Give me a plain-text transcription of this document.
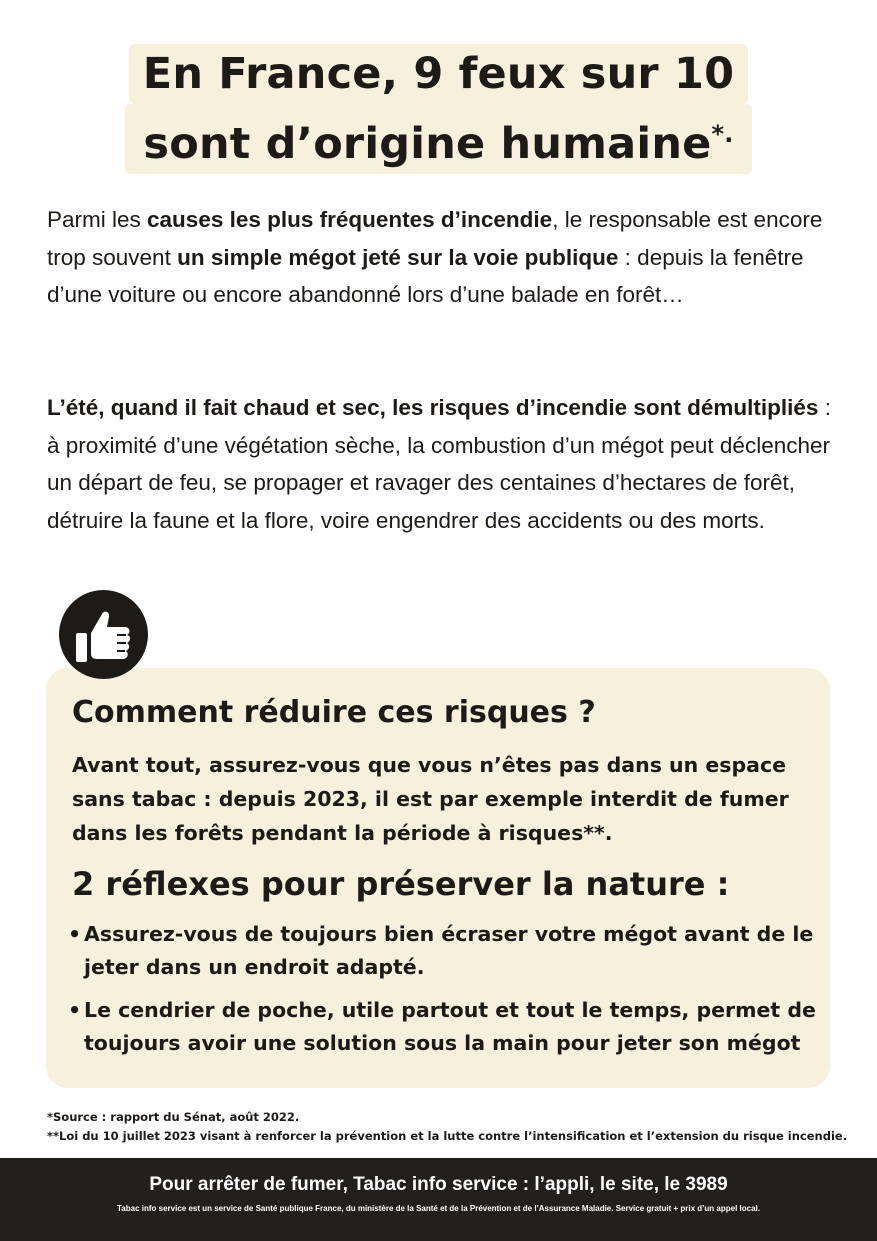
En France, 9 feux sur 10
sont d’origine humaine*.

Parmi les causes les plus fréquentes d’incendie, le responsable est encore trop souvent un simple mégot jeté sur la voie publique : depuis la fenêtre d’une voiture ou encore abandonné lors d’une balade en forêt…

L’été, quand il fait chaud et sec, les risques d’incendie sont démultipliés : à proximité d’une végétation sèche, la combustion d’un mégot peut déclencher un départ de feu, se propager et ravager des centaines d’hectares de forêt, détruire la faune et la flore, voire engendrer des accidents ou des morts.

Comment réduire ces risques ?

Avant tout, assurez-vous que vous n’êtes pas dans un espace sans tabac : depuis 2023, il est par exemple interdit de fumer dans les forêts pendant la période à risques**.

2 réflexes pour préserver la nature :
• Assurez-vous de toujours bien écraser votre mégot avant de le jeter dans un endroit adapté.
• Le cendrier de poche, utile partout et tout le temps, permet de toujours avoir une solution sous la main pour jeter son mégot

*Source : rapport du Sénat, août 2022.

**Loi du 10 juillet 2023 visant à renforcer la prévention et la lutte contre l’intensification et l’extension du risque incendie.

Pour arrêter de fumer, Tabac info service : l’appli, le site, le 3989
Tabac info service est un service de Santé publique France, du ministère de la Santé et de la Prévention et de l’Assurance Maladie. Service gratuit + prix d’un appel local.
